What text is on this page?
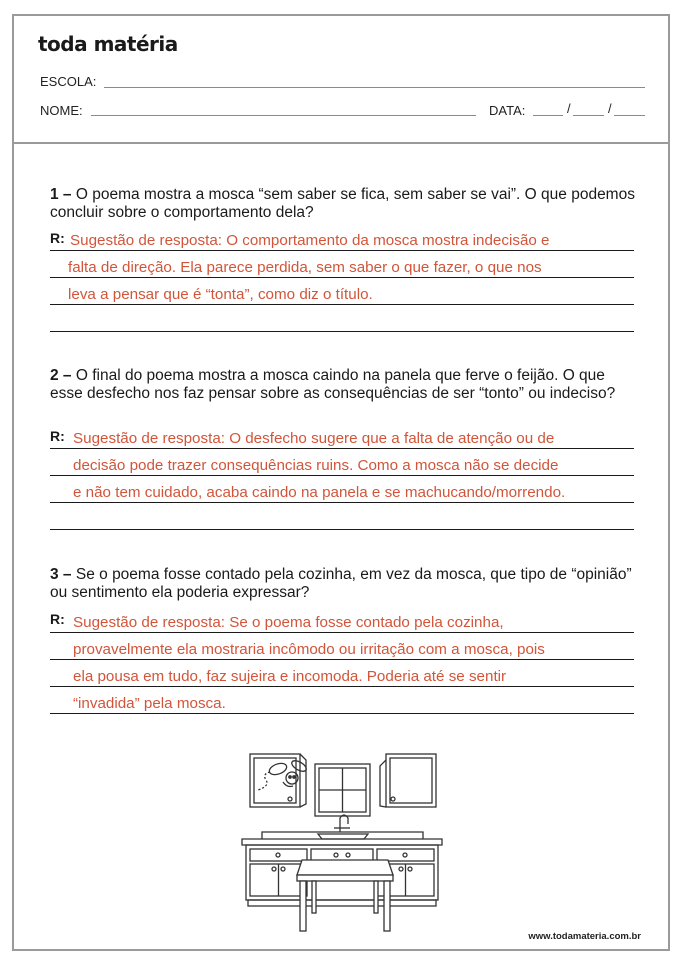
toda matéria
ESCOLA:
NOME:	DATA:	/	/
1 – O poema mostra a mosca “sem saber se fica, sem saber se vai”. O que podemos concluir sobre o comportamento dela?
R: Sugestão de resposta: O comportamento da mosca mostra indecisão e
falta de direção. Ela parece perdida, sem saber o que fazer, o que nos
leva a pensar que é “tonta”, como diz o título.
2 – O final do poema mostra a mosca caindo na panela que ferve o feijão. O que esse desfecho nos faz pensar sobre as consequências de ser “tonto” ou indeciso?
R: Sugestão de resposta: O desfecho sugere que a falta de atenção ou de
decisão pode trazer consequências ruins. Como a mosca não se decide
e não tem cuidado, acaba caindo na panela e se machucando/morrendo.
3 – Se o poema fosse contado pela cozinha, em vez da mosca, que tipo de “opinião” ou sentimento ela poderia expressar?
R: Sugestão de resposta: Se o poema fosse contado pela cozinha,
provavelmente ela mostraria incômodo ou irritação com a mosca, pois
ela pousa em tudo, faz sujeira e incomoda. Poderia até se sentir
“invadida” pela mosca.
www.todamateria.com.br
